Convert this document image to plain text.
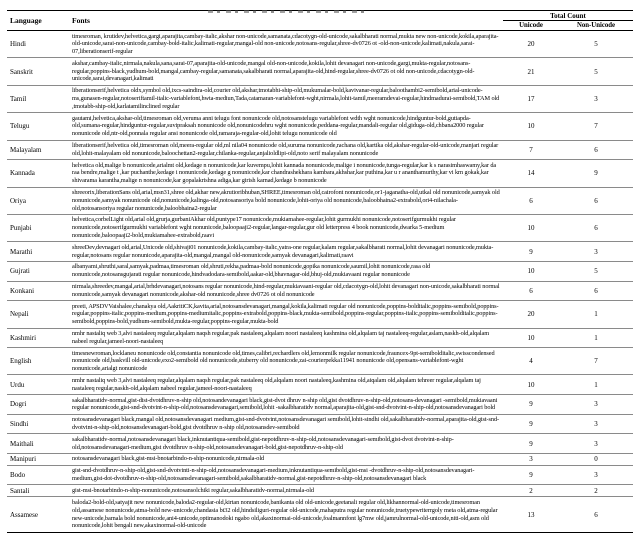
Language	Fonts	Total Count	
		Unicode	Non-Unicode
Hindi	timesroman, krutidev,helvetica,gargi,aparajita,cambay-italic,akshar non-unicode,samanata,cdacotygn-old-unicode,sakalbharati normal,mukta new non-unicode,kokila,aparajita-old-unicode,sarai-non-unicode,cambay-bold-italic,kalimati-regular,mangal-old non-unicode,notosans-regular,shree-dv0726 ot -old-non-unicode,kalimati,nakula,sarai-07,liberationserif-regular	20	5
Sanskrit	akshar,cambay-italic,nirmala,nakula,sana,sarai-07,aparajita-old-unicode,mangal old-non-unicode,kokila,lohit devanagari non-unicode,gargi,mukta-regular,notosans-regular,poppins-black,yudhum-bold,mangal,cambay-regular,samanata,sakalbharati normal,aparajita-old,hind-regular,shree-dv0726 ot old non-unicode,cdacotygn-old-unicode,sarai,devanagari,kalimati	21	5
Tamil	liberationserif,helvetica oldx,symbol old,ixcs-saindira-old,courier old,akshar,tmotabhi-ship-old,mukumalar-bold,kavivanar-regular,baloothambi2-semibold,arial-unicode-ms,gunasen-regular,notoseriftamil-italic-variablefont,hwta-mediun,Tada,catamaran-variablefont-wght,nirmala,lohit-tamil,meeramdevai-regular,hindmadurai-semibold,TAM old ,tmotabb-ship-old,karlatamilinclined regular	17	3
Telugu	gautami,helvetica,akshar-old,timesroman old,veruma anni telugu font nonunicode old,notosanstelugu variablefont wdth wght nonunicode,hindguntur-bold,gutiapda-old,sumana-regular,hindguntur-regular,suvipraksah nonunicode old,nonunicodehru wght nonunicode,peddana-regular,mandali-regular old,giduga-old,chbana2000 regular nonunicode old,ntr-old,ponnala regular ansi nonunicode old,ramaraja-regular-old,lohit telugu nonunicode old	10	7
Malayalam	liberationserif,helvetica old,timesroman old,meera-regular old,ml nila04 nonunicode old,suruma nonunicode,rachana old,kartika old,akshar-regular-old-unicode,manjari regular old,lohit-malayalam old nonunicode,baloochettan2-regular,chilanka-regular,anjalioldlipi-old,noto serif malayalam nonunicode	7	6
Kannada	helvetica old,malige b nonunicode,arialmt old,kedage n nonunicode,kar kuvempu,lohit kannada nonunicode,malige i nonunicode,tunga-regular,kar k s narasimhaswamy,kar da raa bendre,malige t ,kar puchanthe,kedage i nonunicode,kedage g nonunicode,kar chandrashekhara kambara,akhshar,kar puthina,kar u r ananthamurthy,kar vi krn gokak,kar shivarama karantha,malige n nonunicode,kar gopalakrishna adiga,kar girish karnad,kedage b nonunicode	14	9
Oriya	shreeorix,liberationSans old,arial,msn31,shree old,akhar new,akrutioribhuban,SHREE,timesroman old,cairofont nonunicode,or1-jaganatha-old,utkal old nonunicode,samyak old nonunicode,samyak nonunicode old,nonunicode,kalinga-old,notosansoriya bold nonunicode,lohit-oriya old nonunicode,baloobhaina2-extrabold,ori4-nilachala-old,notosansoriya regular nonunicode,baloobhaina2-regular	6	6
Punjabi	helvetica,corbelLight old,arial old,grurja,gurbaniAkhar old,puntype17 nonunicode,mukiamahee-regular,lohit gurmukhi nonunicode,notoserifgurmukhi regular nonunicode,notoserifgurmukhi variablefont wght nonunicode,baloopaaji2-regular,langar-regular,gur old letterpress 4 book nonunicode,dwarka 5-medium nonunicode,baloopaaji2-bold,mukiamahee-extrabold,raavi	10	6
Marathi	shreeDev,devnagari old,arial,Unicode old,shivaji01 nonunicode,kokila,cambay-italic,yatra-one regular,kalam regular,sakalbharati normal,lohit devanagari nonunicode,mukta-regular,notosans regular nonunicode,aparajita-old,mangal,mangal old-nonunicode,samyak devanagari,kalimati,raavi	9	3
Gujrati	albanyami,shruthi,saral,samyak,padmaa,timesroman old,shruti,rekha,padmaa-bold nonunicode,gopika nonunicode,saumil,lohit nonunicode,rasa old nonunicode,notosansgujarati regular nonunicode,hindvadodara-semibold,aakar-old,bhavnagar-old,bhuj-old,mukiavaani regular nonunicode	10	5
Konkani	nirmala,shreedev,mangal,arial,brhdevanagari,notosans regular nonunicode,hind-regular,mukiavaani-regular old,cdacotygn-old,lohit devanagari non-unicode,sakalbharati normal nonunicode,samyak devanagari nonunicode,akshar-old nonunicode,shree dv0726 ot old nonunicode	6	6
Nepali	preeti, APSDVVaishalee,chanakya old,AakritiCK,kavita,arial,notosansdevanagari,mangal,kokila,kalimati regular old nonunicode,poppins-bolditalic,poppins-semibold,poppins-regular,poppins-italic,poppins-medium,poppins-mediumitalic,poppins-extrabold,poppins-black,mukta-semibold,poppins-regular,poppins-italic,poppins-semibolditalic,poppins-semibold,poppins-bold,yudhum-semibold,mukta-regular,poppins-regular,mukta-bold	20	1
Kashmiri	nmhr nastaliq web 3,alvi nastaleeq regular,alqalam naqsh regular,pak nastaleeq,alqalam noori nastaleeq kashmina old,alqalam taj nastaleeq-regular,aslam,naskh-old,alqalam nabeel regular,jameel-noori-nastaleeq	10	1
English	timesnewroman,locklaneu nonunicode old,constantia nonunicode old,times,calibri,rechardlers old,lemonmilk regular nonunicode,frauncex-9pt-semibolditalic,swisscondensed nonunicode old,baskvill old-unicode,exo2-semibold old nonunicode,stuberry old nonunicode,zai-courierpekka11941 nonunicode old,opensans-variablefont-wght nonunicode,arialgt nonunicode	4	7
Urdu	nmhr nastaliq web 3,alvi nastaleeq regular,alqalam naqsh regular,pak nastaleeq old,alqalam noori nastaleeq,kashmina old,aiqalam old,alqalam tehreer regular,alqalam taj nastaleeq regular,naskh-old,alqalam nabeel regular,jameel-noori-nastaleeq	10	1
Dogri	sakalbharatidv-normal,gist-dist-dvotdhruv-n-ship old,notosandevanagari black,gist-dvot dhruv n-ship old,gist dvotdhruv-n-ship-old,notosans-devanagari -semibold,mukiavaani regular nonunicode,gist-snd-dvotvint-n-ship-old,notosansdevanagari,semibold,lohit -sakalbharatidv normal,aparajita-old,gist-snd-dvotvint-n-ship-old,notosansdevanagari bold	9	3
Sindhi	notosansdevanagari black,mangal old,notosansdevanagari medium,gist-snd-dvotvint,notosansdevanagari semibold,lohit-sindhi old,sakalbharatidv-normal,aparajita-old,gist-snd-dvotvint-n-ship-old,notosansdevanagari-bold,gist dvotdhruv n-ship old,notosansdev-semibold	9	3
Maithali	sakalbharatidv-normal,notosansdevanagari black,inknutantiqua-semibold,gist-nepotdhruv-n-ship-old,notosansdevanagari-semibold,gist-dvot dvotvint-n-ship-old,notosansdevanagari-medium,gist dvotdhruv n-ship-old,notosansdevanagari-bold,gist-nepotdhruv-n-ship-old	9	3
Manipuri	notosansdevanagari black,gist-msi-bnotarbindo-n-ship-nonunicode,nirmala-old	3	0
Bodo	gist-snd-dvotdhruv-n-ship-old,gist-snd-dvotvinti-n-ship-old,notosansdevanagari-medium,inknutantiqua-semibold,gist-msi -dvotdhruv-n-ship-old,notosansdevanagari-medium,gist-dot-dvotdhruv-n-ship-old,notosansdevanagari-semibold,sakalbharatidv-normal,gist-nepotdhruv-n-ship-old,notosansdevanagari black	9	3
Santali	gist-msi-bnotarbindo-n-ship-nonunicode,notosansolchiki regular,sakalbharatidv-normal,nirmala-old	2	2
Assamese	baloda2-bold-old,satyajit new nonunicode,baloda2-regular-old,kirtan nonunicode,banikanta old old-unicode,geetanali regular old,likhannormal-old-unicode,timesroman old,assamese nonunicode,atma-bold new-unicode,chandasia bt32 old,hindsiliguri-regular old-unicode,mahaputra regular nonunicode,truetypewriterrgoly meta old,atma-regular new-unicode,barnala bold nonunicode,ani4-unicode,optimanodoki ngabo old,akaxinormai-old-unicode,foalmannfont lg7mw old,jamrulnormal-old-unicode,niti-old,asm old nonunicode,lohit bengali new,akaxinormal-old-unicode	13	6
